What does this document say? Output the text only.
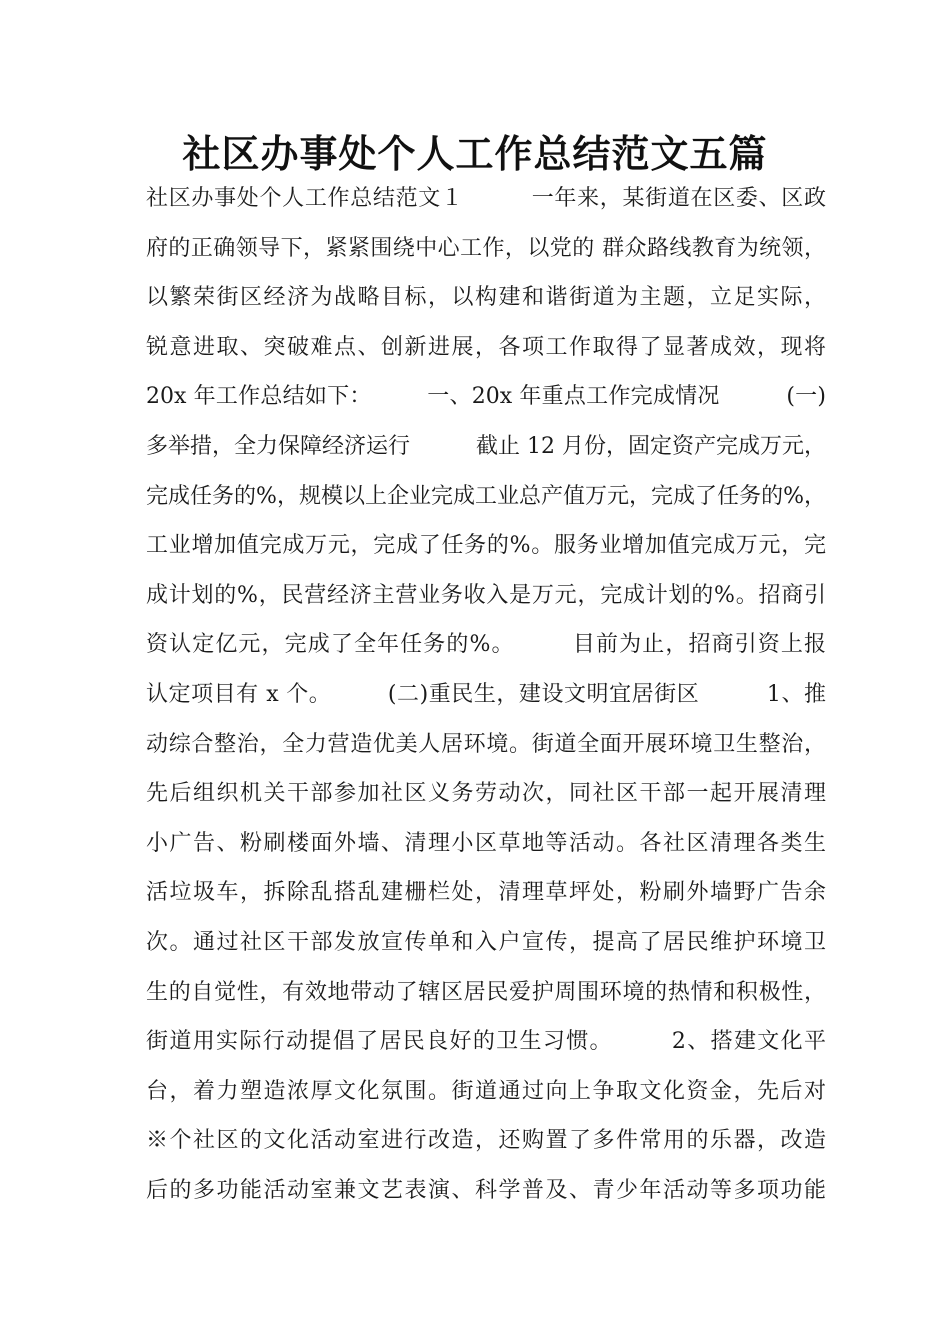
社区办事处个人工作总结范文五篇
社区办事处个人工作总结范文１　　　一年来，某街道在区委、区政
府的正确领导下，紧紧围绕中心工作，以党的 群众路线教育为统领，
以繁荣街区经济为战略目标，以构建和谐街道为主题，立足实际，
锐意进取、突破难点、创新进展，各项工作取得了显著成效，现将
20x 年工作总结如下：　　　一、20x 年重点工作完成情况　　　(一)
多举措，全力保障经济运行　　　截止 12 月份，固定资产完成万元，
完成任务的%，规模以上企业完成工业总产值万元，完成了任务的%，
工业增加值完成万元，完成了任务的%。服务业增加值完成万元，完
成计划的%，民营经济主营业务收入是万元，完成计划的%。招商引
资认定亿元，完成了全年任务的%。　　　目前为止，招商引资上报
认定项目有 x 个。　　　(二)重民生，建设文明宜居街区　　　1、推
动综合整治，全力营造优美人居环境。街道全面开展环境卫生整治，
先后组织机关干部参加社区义务劳动次，同社区干部一起开展清理
小广告、粉刷楼面外墙、清理小区草地等活动。各社区清理各类生
活垃圾车，拆除乱搭乱建栅栏处，清理草坪处，粉刷外墙野广告余
次。通过社区干部发放宣传单和入户宣传，提高了居民维护环境卫
生的自觉性，有效地带动了辖区居民爱护周围环境的热情和积极性，
街道用实际行动提倡了居民良好的卫生习惯。　　　2、搭建文化平
台，着力塑造浓厚文化氛围。街道通过向上争取文化资金，先后对
※个社区的文化活动室进行改造，还购置了多件常用的乐器，改造
后的多功能活动室兼文艺表演、科学普及、青少年活动等多项功能
